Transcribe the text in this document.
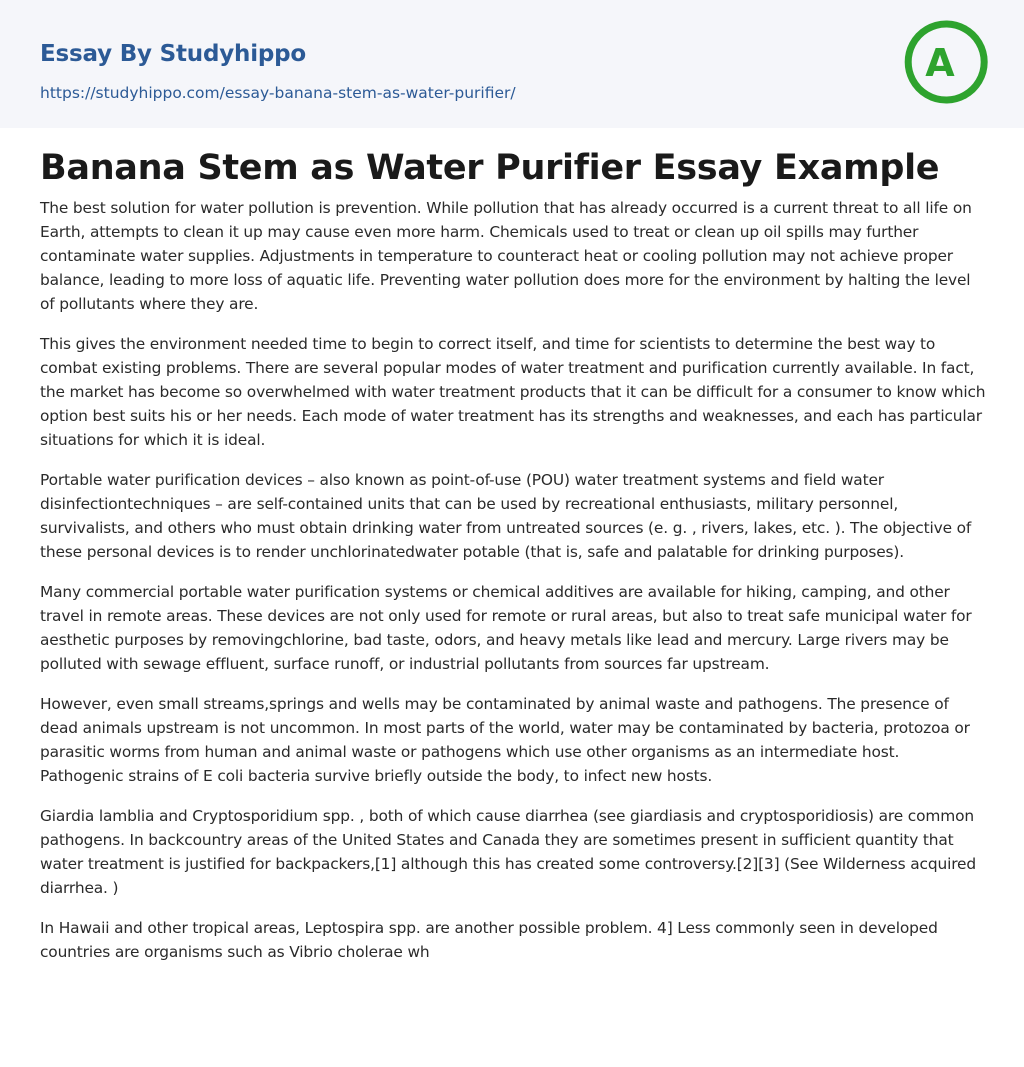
Essay By Studyhippo
https://studyhippo.com/essay-banana-stem-as-water-purifier/
A
Banana Stem as Water Purifier Essay Example

The best solution for water pollution is prevention. While pollution that has already occurred is a current threat to all life on Earth, attempts to clean it up may cause even more harm. Chemicals used to treat or clean up oil spills may further contaminate water supplies. Adjustments in temperature to counteract heat or cooling pollution may not achieve proper balance, leading to more loss of aquatic life. Preventing water pollution does more for the environment by halting the level of pollutants where they are.

This gives the environment needed time to begin to correct itself, and time for scientists to determine the best way to combat existing problems. There are several popular modes of water treatment and purification currently available. In fact, the market has become so overwhelmed with water treatment products that it can be difficult for a consumer to know which option best suits his or her needs. Each mode of water treatment has its strengths and weaknesses, and each has particular situations for which it is ideal.

Portable water purification devices – also known as point-of-use (POU) water treatment systems and field water disinfectiontechniques – are self-contained units that can be used by recreational enthusiasts, military personnel, survivalists, and others who must obtain drinking water from untreated sources (e. g. , rivers, lakes, etc. ). The objective of these personal devices is to render unchlorinatedwater potable (that is, safe and palatable for drinking purposes).

Many commercial portable water purification systems or chemical additives are available for hiking, camping, and other travel in remote areas. These devices are not only used for remote or rural areas, but also to treat safe municipal water for aesthetic purposes by removingchlorine, bad taste, odors, and heavy metals like lead and mercury. Large rivers may be polluted with sewage effluent, surface runoff, or industrial pollutants from sources far upstream.

However, even small streams,springs and wells may be contaminated by animal waste and pathogens. The presence of dead animals upstream is not uncommon. In most parts of the world, water may be contaminated by bacteria, protozoa or parasitic worms from human and animal waste or pathogens which use other organisms as an intermediate host. Pathogenic strains of E coli bacteria survive briefly outside the body, to infect new hosts.

Giardia lamblia and Cryptosporidium spp. , both of which cause diarrhea (see giardiasis and cryptosporidiosis) are common pathogens. In backcountry areas of the United States and Canada they are sometimes present in sufficient quantity that water treatment is justified for backpackers,[1] although this has created some controversy.[2][3] (See Wilderness acquired diarrhea. )

In Hawaii and other tropical areas, Leptospira spp. are another possible problem. 4] Less commonly seen in developed countries are organisms such as Vibrio cholerae wh
